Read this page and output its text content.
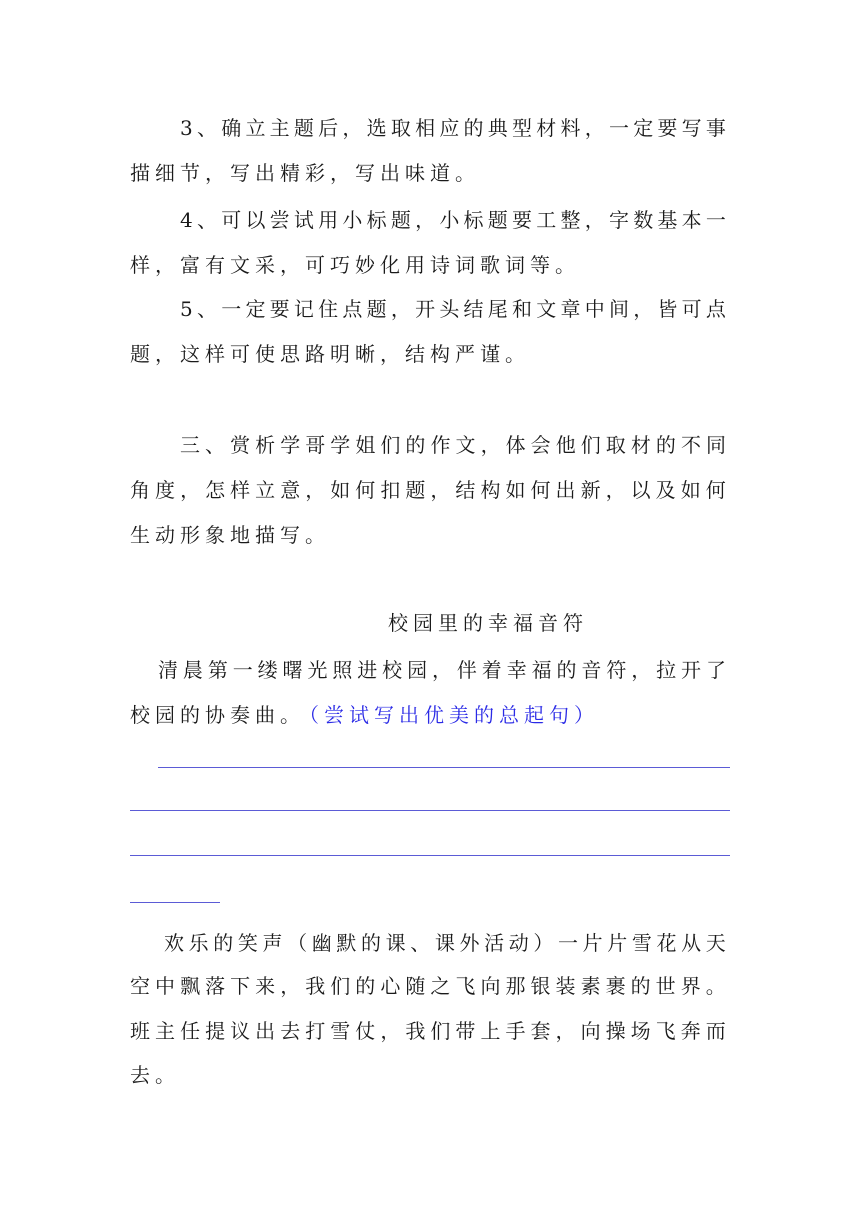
3 、 确 立 主 题 后 ， 选 取 相 应 的 典 型 材 料 ， 一 定 要 写 事
描细节，写出精彩，写出味道。
4 、 可 以 尝 试 用 小 标 题 ， 小 标 题 要 工 整 ， 字 数 基 本 一
样，富有文采，可巧妙化用诗词歌词等。
5 、 一 定 要 记 住 点 题 ， 开 头 结 尾 和 文 章 中 间 ， 皆 可 点
题，这样可使思路明晰，结构严谨。
三 、 赏 析 学 哥 学 姐 们 的 作 文 ， 体 会 他 们 取 材 的 不 同
角 度 ， 怎 样 立 意 ， 如 何 扣 题 ， 结 构 如 何 出 新 ， 以 及 如 何
生动形象地描写。
校园里的幸福音符
清 晨 第 一 缕 曙 光 照 进 校 园 ， 伴 着 幸 福 的 音 符 ， 拉 开 了
校园的协奏曲。 （尝试写出优美的总起句）
欢 乐 的 笑 声 （ 幽 默 的 课 、 课 外 活 动 ） 一 片 片 雪 花 从 天
空 中 飘 落 下 来 ， 我 们 的 心 随 之 飞 向 那 银 装 素 裹 的 世 界 。
班 主 任 提 议 出 去 打 雪 仗 ， 我 们 带 上 手 套 ， 向 操 场 飞 奔 而
去。
